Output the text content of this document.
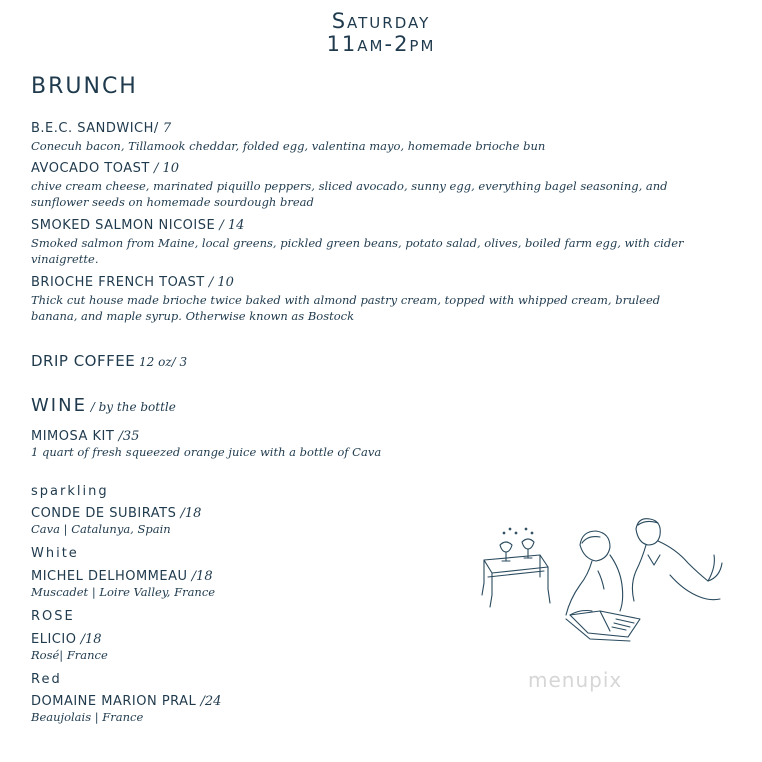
Saturday
11am-2pm
BRUNCH
B.E.C. SANDWICH/ 7
Conecuh bacon, Tillamook cheddar, folded egg, valentina mayo, homemade brioche bun
AVOCADO TOAST / 10
chive cream cheese, marinated piquillo peppers, sliced avocado, sunny egg, everything bagel seasoning, and
sunflower seeds on homemade sourdough bread
SMOKED SALMON NICOISE / 14
Smoked salmon from Maine, local greens, pickled green beans, potato salad, olives, boiled farm egg, with cider
vinaigrette.
BRIOCHE FRENCH TOAST / 10
Thick cut house made brioche twice baked with almond pastry cream, topped with whipped cream, bruleed
banana, and maple syrup. Otherwise known as Bostock
DRIP COFFEE 12 oz/ 3
WINE / by the bottle
MIMOSA KIT /35
1 quart of fresh squeezed orange juice with a bottle of Cava
sparkling
CONDE DE SUBIRATS /18
Cava | Catalunya, Spain
White
MICHEL DELHOMMEAU /18
Muscadet | Loire Valley, France
ROSE
ELICIO /18
Rosé| France
Red
DOMAINE MARION PRAL /24
Beaujolais | France
menupix
